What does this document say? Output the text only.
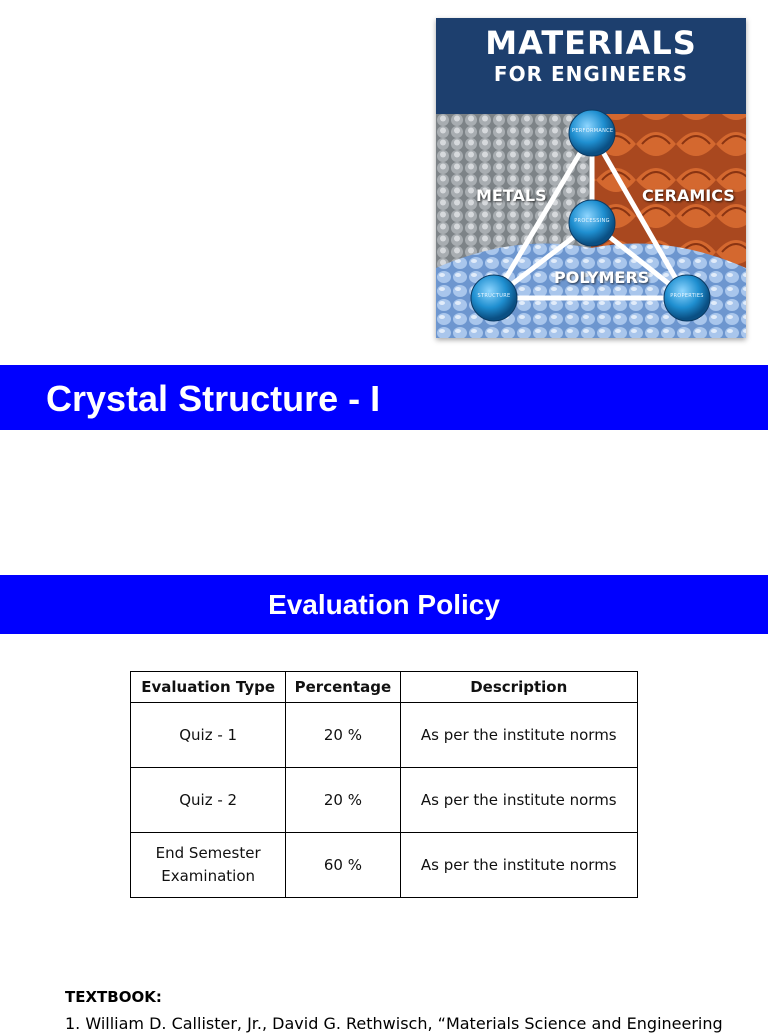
MATERIALS
FOR ENGINEERS
METALS	CERAMICS
POLYMERS
PERFORMANCE
PROCESSING
STRUCTURE	PROPERTIES
Crystal Structure - I
Evaluation Policy
Evaluation Type	Percentage	Description
Quiz - 1	20 %	As per the institute norms
Quiz - 2	20 %	As per the institute norms
End Semester Examination	60 %	As per the institute norms
TEXTBOOK:
1. William D. Callister, Jr., David G. Rethwisch, “Materials Science and Engineering
